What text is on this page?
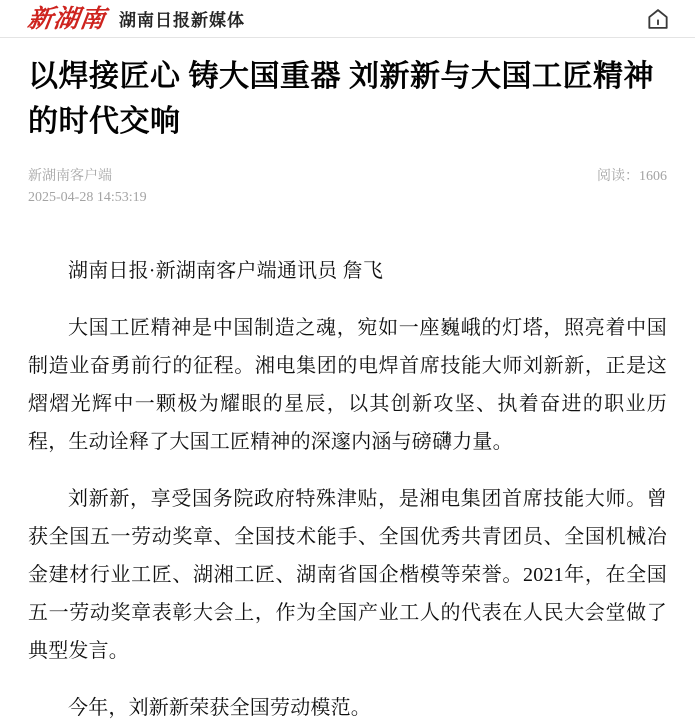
新湖南 湖南日报新媒体
以焊接匠心 铸大国重器 刘新新与大国工匠精神的时代交响
新湖南客户端
2025-04-28 14:53:19
阅读：1606

湖南日报·新湖南客户端通讯员 詹飞

大国工匠精神是中国制造之魂，宛如一座巍峨的灯塔，照亮着中国制造业奋勇前行的征程。湘电集团的电焊首席技能大师刘新新，正是这熠熠光辉中一颗极为耀眼的星辰，以其创新攻坚、执着奋进的职业历程，生动诠释了大国工匠精神的深邃内涵与磅礴力量。

刘新新，享受国务院政府特殊津贴，是湘电集团首席技能大师。曾获全国五一劳动奖章、全国技术能手、全国优秀共青团员、全国机械冶金建材行业工匠、湖湘工匠、湖南省国企楷模等荣誉。2021年，在全国五一劳动奖章表彰大会上，作为全国产业工人的代表在人民大会堂做了典型发言。

今年，刘新新荣获全国劳动模范。
